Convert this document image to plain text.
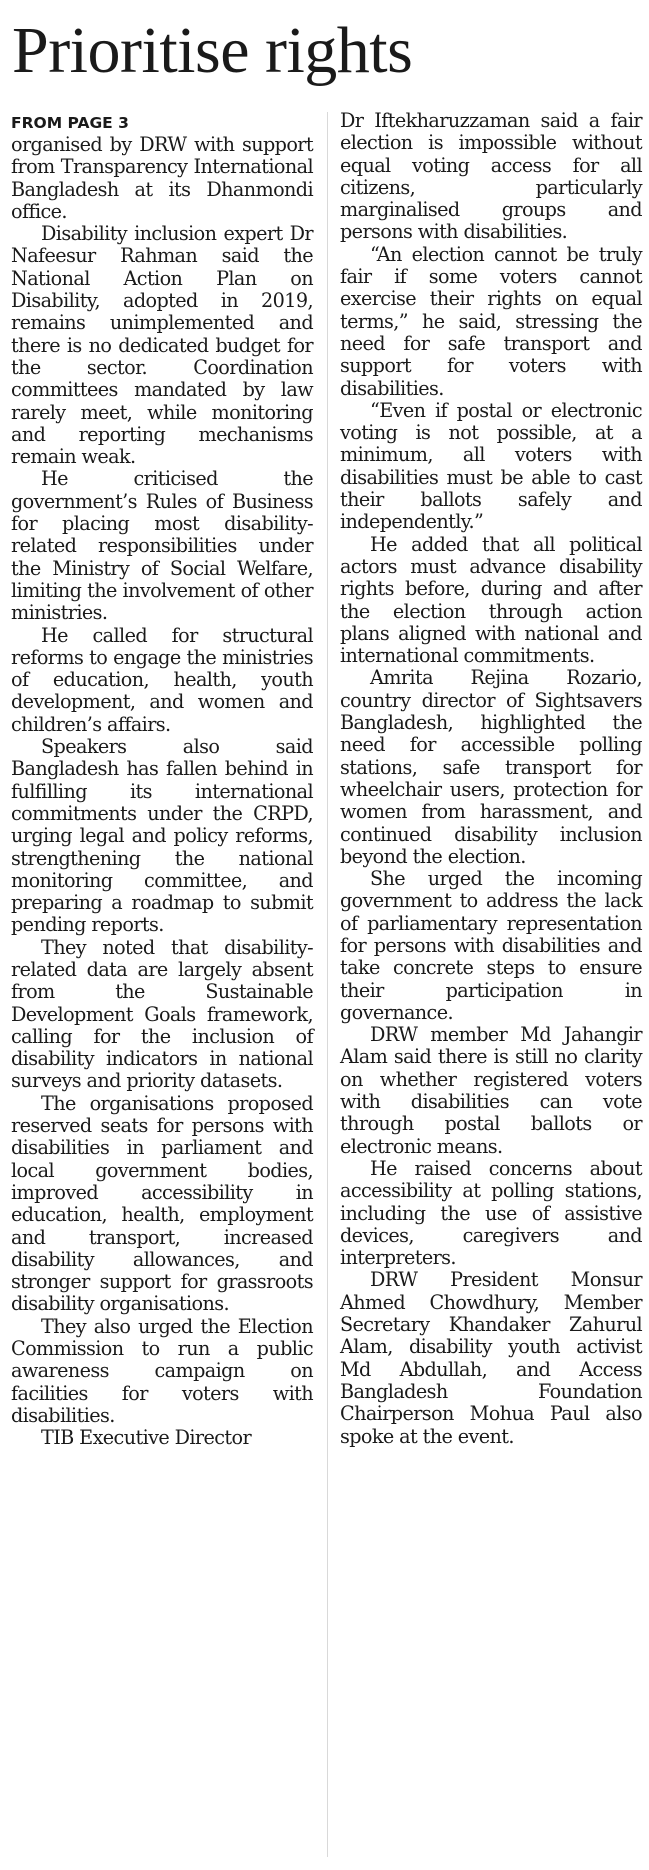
Prioritise rights

FROM PAGE 3

organised by DRW with support from Transparency International Bangladesh at its Dhanmondi office.

Disability inclusion expert Dr Nafeesur Rahman said the National Action Plan on Disability, adopted in 2019, remains unimplemented and there is no dedicated budget for the sector. Coordination committees mandated by law rarely meet, while monitoring and reporting mechanisms remain weak.

He criticised the government’s Rules of Business for placing most disability-related responsibilities under the Ministry of Social Welfare, limiting the involvement of other ministries.

He called for structural reforms to engage the ministries of education, health, youth development, and women and children’s affairs.

Speakers also said Bangladesh has fallen behind in fulfilling its international commitments under the CRPD, urging legal and policy reforms, strengthening the national monitoring committee, and preparing a roadmap to submit pending reports.

They noted that disability-related data are largely absent from the Sustainable Development Goals framework, calling for the inclusion of disability indicators in national surveys and priority datasets.

The organisations proposed reserved seats for persons with disabilities in parliament and local government bodies, improved accessibility in education, health, employment and transport, increased disability allowances, and stronger support for grassroots disability organisations.

They also urged the Election Commission to run a public awareness campaign on facilities for voters with disabilities.

TIB Executive Director

Dr Iftekharuzzaman said a fair election is impossible without equal voting access for all citizens, particularly marginalised groups and persons with disabilities.

“An election cannot be truly fair if some voters cannot exercise their rights on equal terms,” he said, stressing the need for safe transport and support for voters with disabilities.

“Even if postal or electronic voting is not possible, at a minimum, all voters with disabilities must be able to cast their ballots safely and independently.”

He added that all political actors must advance disability rights before, during and after the election through action plans aligned with national and international commitments.

Amrita Rejina Rozario, country director of Sightsavers Bangladesh, highlighted the need for accessible polling stations, safe transport for wheelchair users, protection for women from harassment, and continued disability inclusion beyond the election.

She urged the incoming government to address the lack of parliamentary representation for persons with disabilities and take concrete steps to ensure their participation in governance.

DRW member Md Jahangir Alam said there is still no clarity on whether registered voters with disabilities can vote through postal ballots or electronic means.

He raised concerns about accessibility at polling stations, including the use of assistive devices, caregivers and interpreters.

DRW President Monsur Ahmed Chowdhury, Member Secretary Khandaker Zahurul Alam, disability youth activist Md Abdullah, and Access Bangladesh Foundation Chairperson Mohua Paul also spoke at the event.
